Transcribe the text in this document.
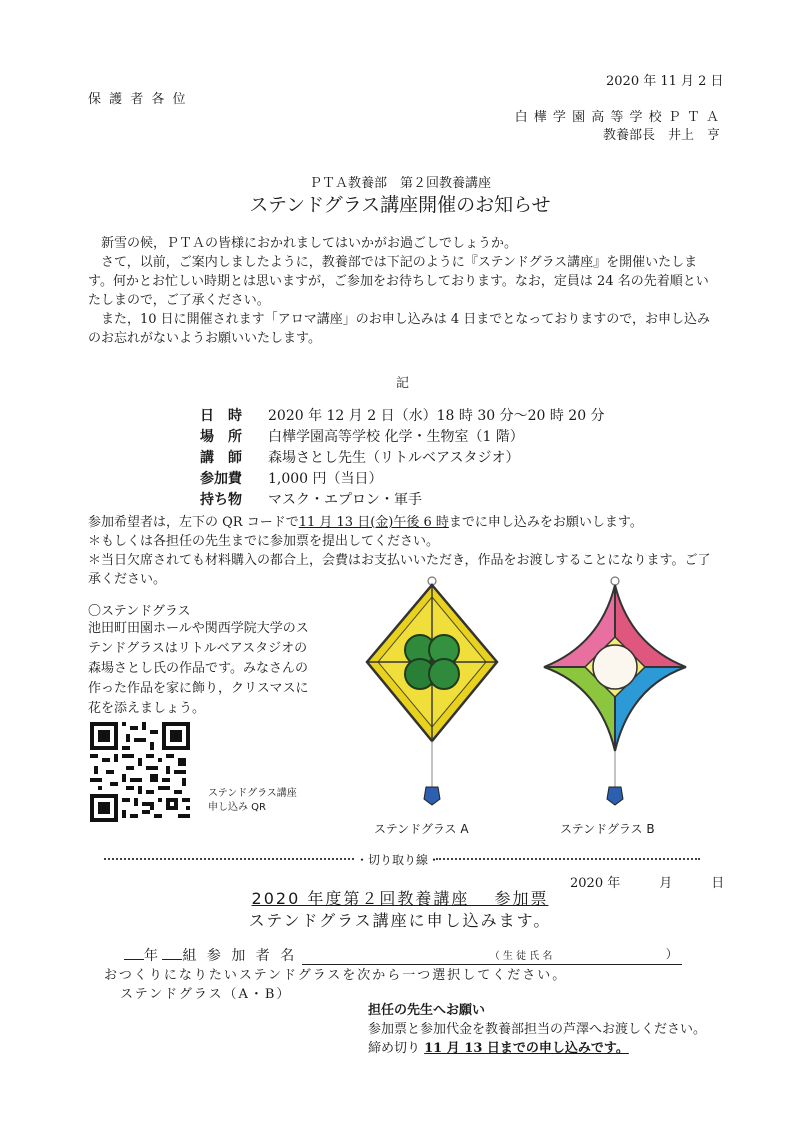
2020 年 11 月 2 日
保 護 者 各 位
白 樺 学 園 高 等 学 校 Ｐ Ｔ Ａ
教養部長　井上　亨
ＰＴＡ教養部　第２回教養講座
ステンドグラス講座開催のお知らせ

新雪の候，ＰＴＡの皆様におかれましてはいかがお過ごしでしょうか。

さて，以前，ご案内しましたように，教養部では下記のように『ステンドグラス講座』を開催いたします。何かとお忙しい時期とは思いますが，ご参加をお待ちしております。なお，定員は 24 名の先着順といたしまので，ご了承ください。

また，10 日に開催されます「アロマ講座」のお申し込みは 4 日までとなっておりますので，お申し込みのお忘れがないようお願いいたします。

記
日　時 2020 年 12 月 2 日（水）18 時 30 分～20 時 20 分
場　所 白樺学園高等学校 化学・生物室（1 階）
講　師 森場さとし先生（リトルベアスタジオ）
参加費 1,000 円（当日）
持ち物 マスク・エプロン・軍手

参加希望者は，左下の QR コードで11 月 13 日(金)午後 6 時までに申し込みをお願いします。

＊もしくは各担任の先生までに参加票を提出してください。

＊当日欠席されても材料購入の都合上，会費はお支払いいただき，作品をお渡しすることになります。ご了承ください。

〇ステンドグラス
池田町田園ホールや関西学院大学のステンドグラスはリトルベアスタジオの森場さとし氏の作品です。みなさんの作った作品を家に飾り，クリスマスに花を添えましょう。
ステンドグラス講座
申し込み QR
ステンドグラス A	ステンドグラス B
・切り取り線・
2020 年　　　月　　　日
2020 年度第２回教養講座　 参加票
ステンドグラス講座に申し込みます。
年 組 参 加 者 名	（ 生 徒 氏 名	）

おつくりになりたいステンドグラスを次から一つ選択してください。
ステンドグラス（A・B）
担任の先生へお願い
参加票と参加代金を教養部担当の芦澤へお渡しください。
締め切り 11 月 13 日までの申し込みです。
